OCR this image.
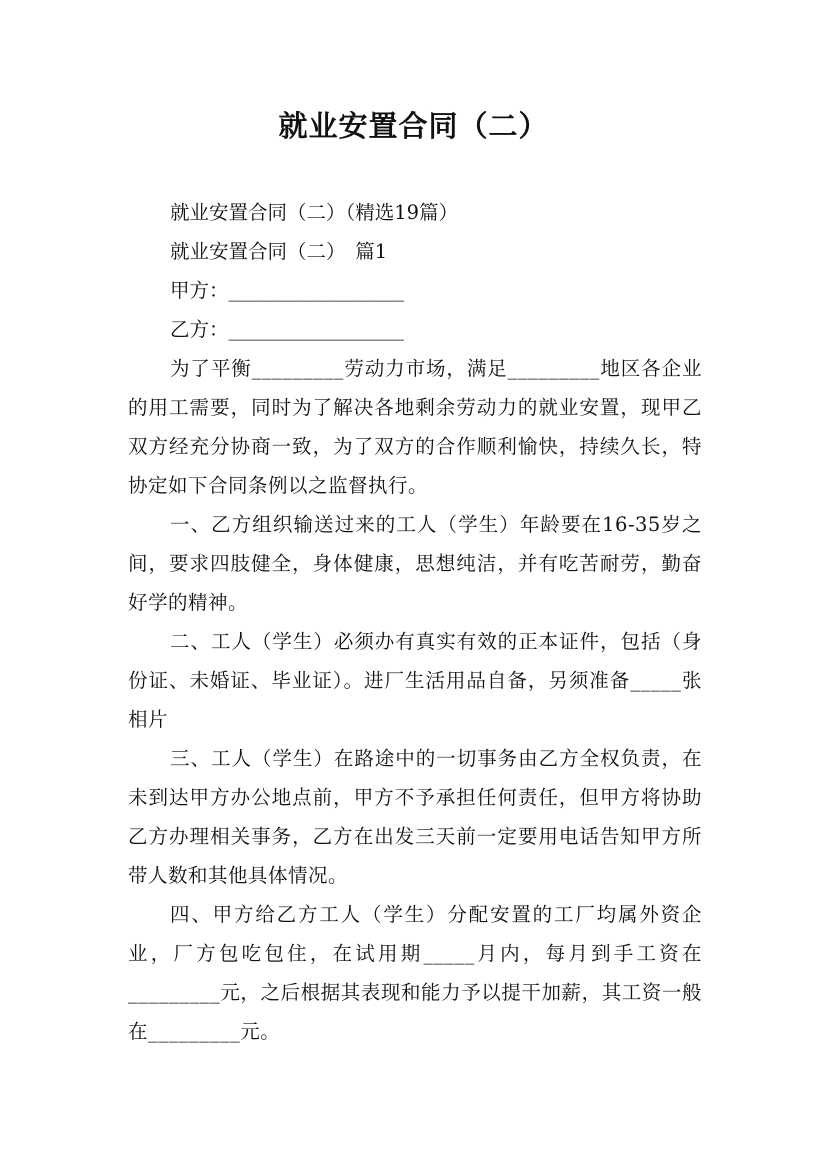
就业安置合同（二）
就业安置合同（二）（精选19篇）
就业安置合同（二）　篇1
甲方：__________________
乙方：__________________
为了平衡_________劳动力市场，满足_________地区各企业的用工需要，同时为了解决各地剩余劳动力的就业安置，现甲乙双方经充分协商一致，为了双方的合作顺利愉快，持续久长，特协定如下合同条例以之监督执行。
一、乙方组织输送过来的工人（学生）年龄要在16-35岁之间，要求四肢健全，身体健康，思想纯洁，并有吃苦耐劳，勤奋好学的精神。
二、工人（学生）必须办有真实有效的正本证件，包括（身份证、未婚证、毕业证）。进厂生活用品自备，另须准备_____张相片
三、工人（学生）在路途中的一切事务由乙方全权负责，在未到达甲方办公地点前，甲方不予承担任何责任，但甲方将协助乙方办理相关事务，乙方在出发三天前一定要用电话告知甲方所带人数和其他具体情况。
四、甲方给乙方工人（学生）分配安置的工厂均属外资企业，厂方包吃包住，在试用期_____月内，每月到手工资在_________元，之后根据其表现和能力予以提干加薪，其工资一般在_________元。
